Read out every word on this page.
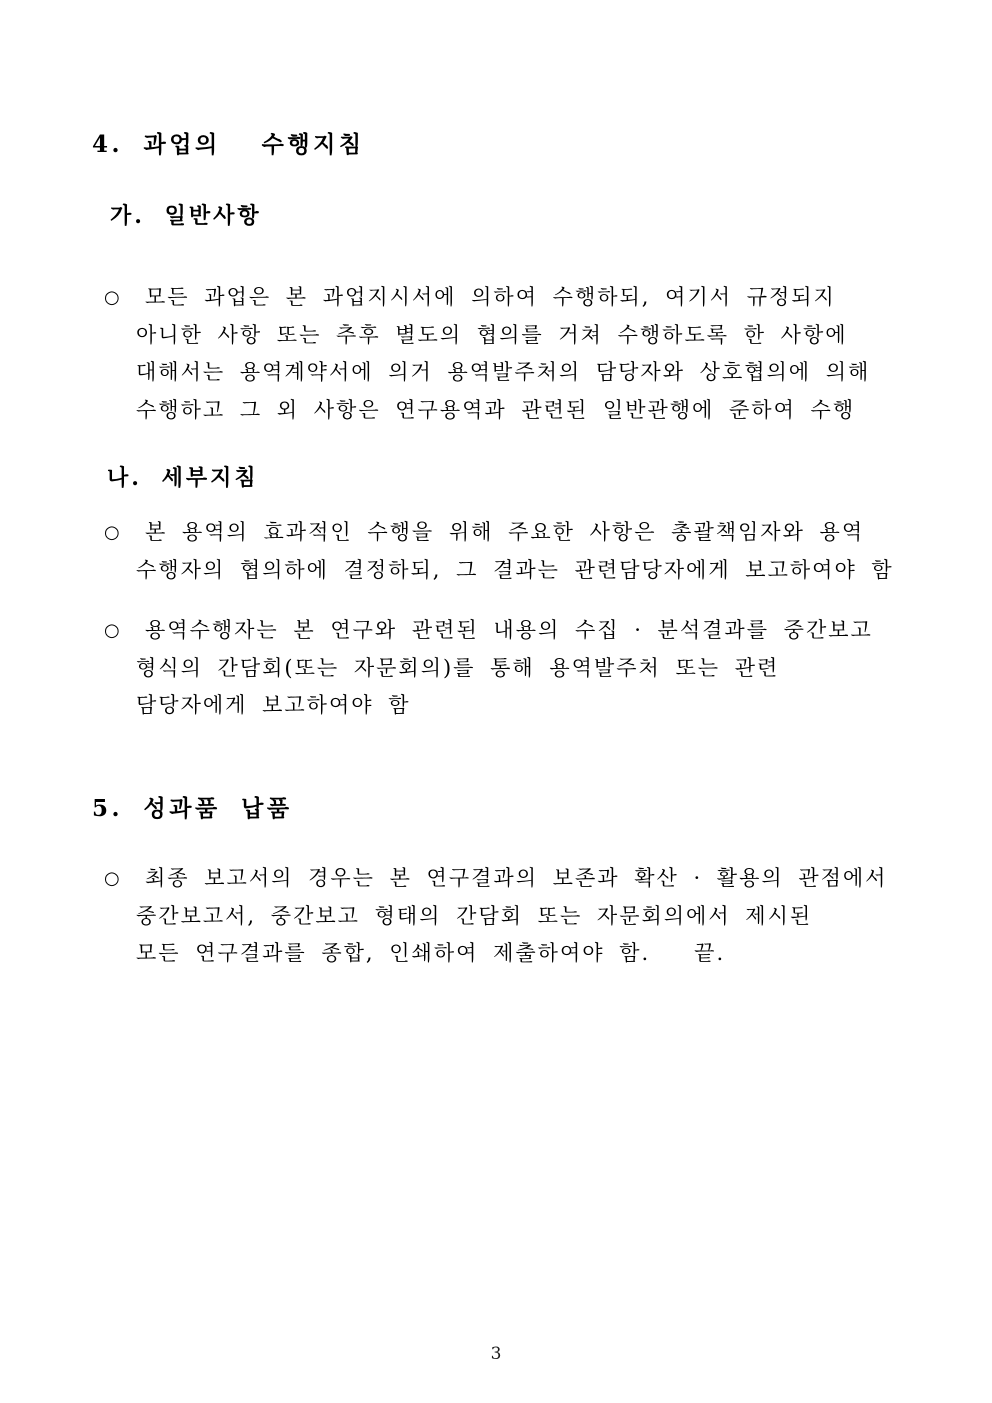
4. 과업의  수행지침
가. 일반사항
○	모든 과업은 본 과업지시서에 의하여 수행하되, 여기서 규정되지
아니한 사항 또는 추후 별도의 협의를 거쳐 수행하도록 한 사항에
대해서는 용역계약서에 의거 용역발주처의 담당자와 상호협의에 의해
수행하고 그 외 사항은 연구용역과 관련된 일반관행에 준하여 수행
나. 세부지침
○	본 용역의 효과적인 수행을 위해 주요한 사항은 총괄책임자와 용역
수행자의 협의하에 결정하되, 그 결과는 관련담당자에게 보고하여야 함
○	용역수행자는 본 연구와 관련된 내용의 수집 · 분석결과를 중간보고
형식의 간담회(또는 자문회의)를 통해 용역발주처 또는 관련
담당자에게 보고하여야 함
5. 성과품 납품
○	최종 보고서의 경우는 본 연구결과의 보존과 확산 · 활용의 관점에서
중간보고서, 중간보고 형태의 간담회 또는 자문회의에서 제시된
모든 연구결과를 종합, 인쇄하여 제출하여야 함.   끝.
3
